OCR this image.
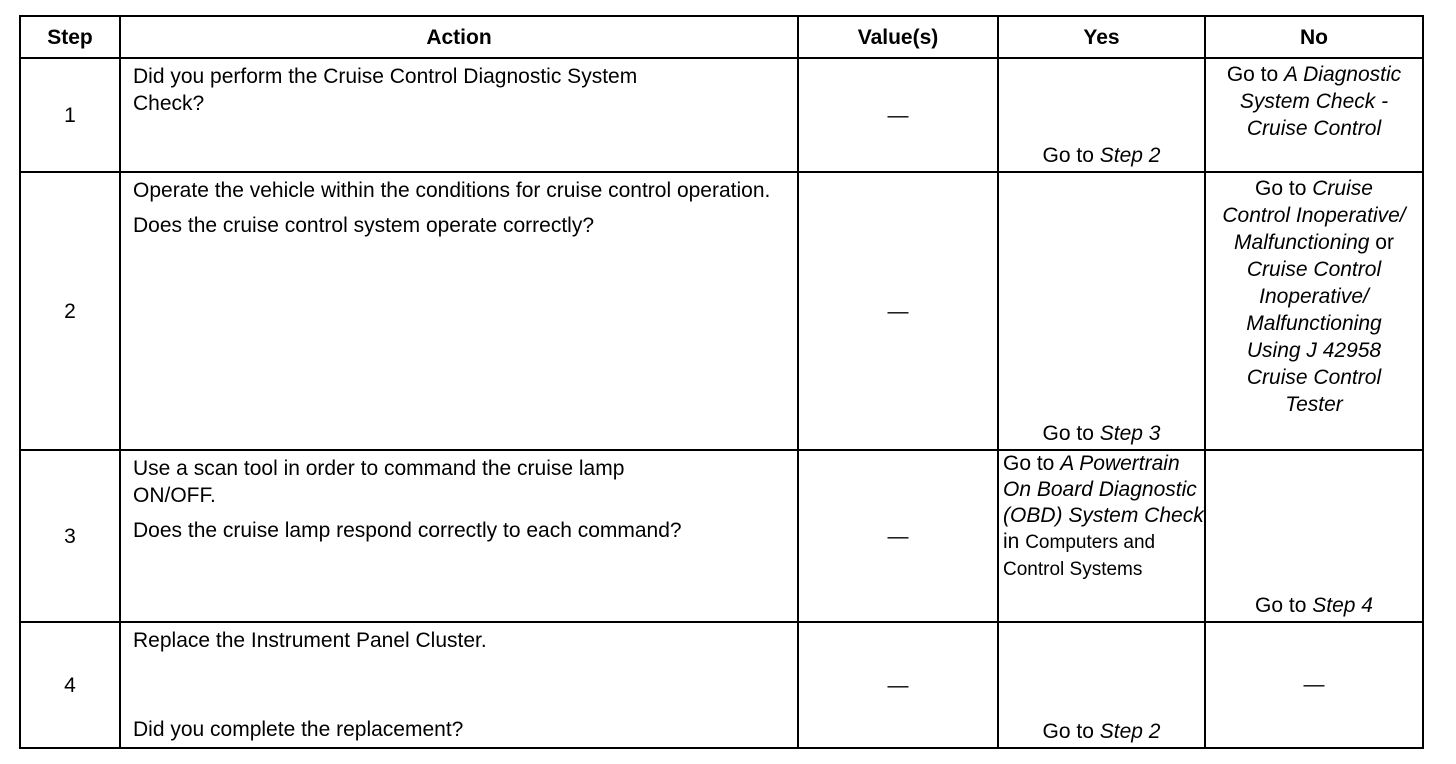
Step	Action	Value(s)	Yes	No
1	Did you perform the Cruise Control Diagnostic System Check?	—	Go to Step 2	Go to A Diagnostic System Check - Cruise Control
2	Operate the vehicle within the conditions for cruise control operation.

Does the cruise control system operate correctly?	—	Go to Step 3	Go to Cruise Control Inoperative/ Malfunctioning or Cruise Control Inoperative/ Malfunctioning Using J 42958 Cruise Control Tester
3	Use a scan tool in order to command the cruise lamp ON/OFF.

Does the cruise lamp respond correctly to each command?	—	Go to A Powertrain On Board Diagnostic (OBD) System Check in Computers and Control Systems	Go to Step 4
4	Replace the Instrument Panel Cluster.

Did you complete the replacement?	—	Go to Step 2	—
